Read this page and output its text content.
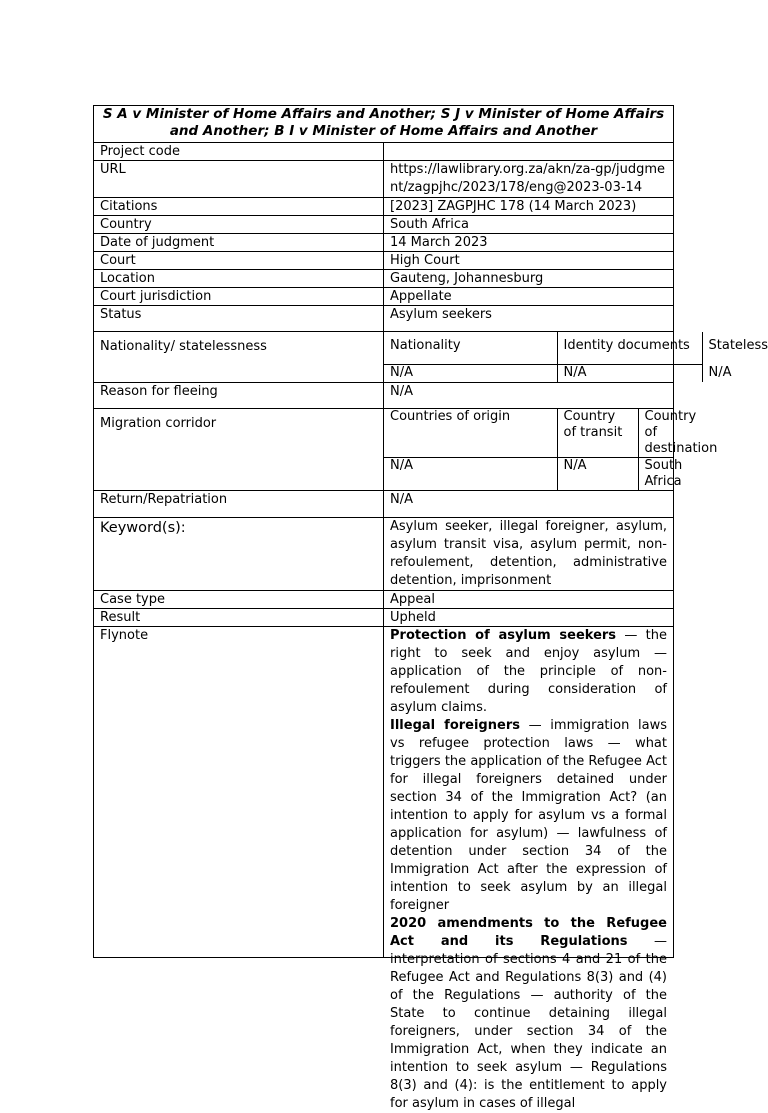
S A v Minister of Home Affairs and Another; S J v Minister of Home Affairs and Another; B I v Minister of Home Affairs and Another
Project code	
URL	https://lawlibrary.org.za/akn/za-gp/judgment/zagpjhc/2023/178/eng@2023-03-14
Citations	[2023] ZAGPJHC 178 (14 March 2023)
Country	South Africa
Date of judgment	14 March 2023
Court	High Court
Location	Gauteng, Johannesburg
Court jurisdiction	Appellate
Status	Asylum seekers
Nationality/ statelessness		Nationality	Identity documents	Stateless
N/A	N/A	N/A

Reason for fleeing	N/A
Migration corridor		Countries of origin	Country of transit	Country of destination
N/A	N/A	South Africa

Return/Repatriation	N/A
Keyword(s):	Asylum seeker, illegal foreigner, asylum, asylum transit visa, asylum permit, non-refoulement, detention, administrative detention, imprisonment
Case type	Appeal
Result	Upheld
Flynote	Protection of asylum seekers — the right to seek and enjoy asylum — application of the principle of non-refoulement during consideration of asylum claims.

Illegal foreigners — immigration laws vs refugee protection laws — what triggers the application of the Refugee Act for illegal foreigners detained under section 34 of the Immigration Act? (an intention to apply for asylum vs a formal application for asylum) — lawfulness of detention under section 34 of the Immigration Act after the expression of intention to seek asylum by an illegal foreigner

2020 amendments to the Refugee Act and its Regulations — interpretation of sections 4 and 21 of the Refugee Act and Regulations 8(3) and (4) of the Regulations — authority of the State to continue detaining illegal foreigners, under section 34 of the Immigration Act, when they indicate an intention to seek asylum — Regulations 8(3) and (4): is the entitlement to apply for asylum in cases of illegal
